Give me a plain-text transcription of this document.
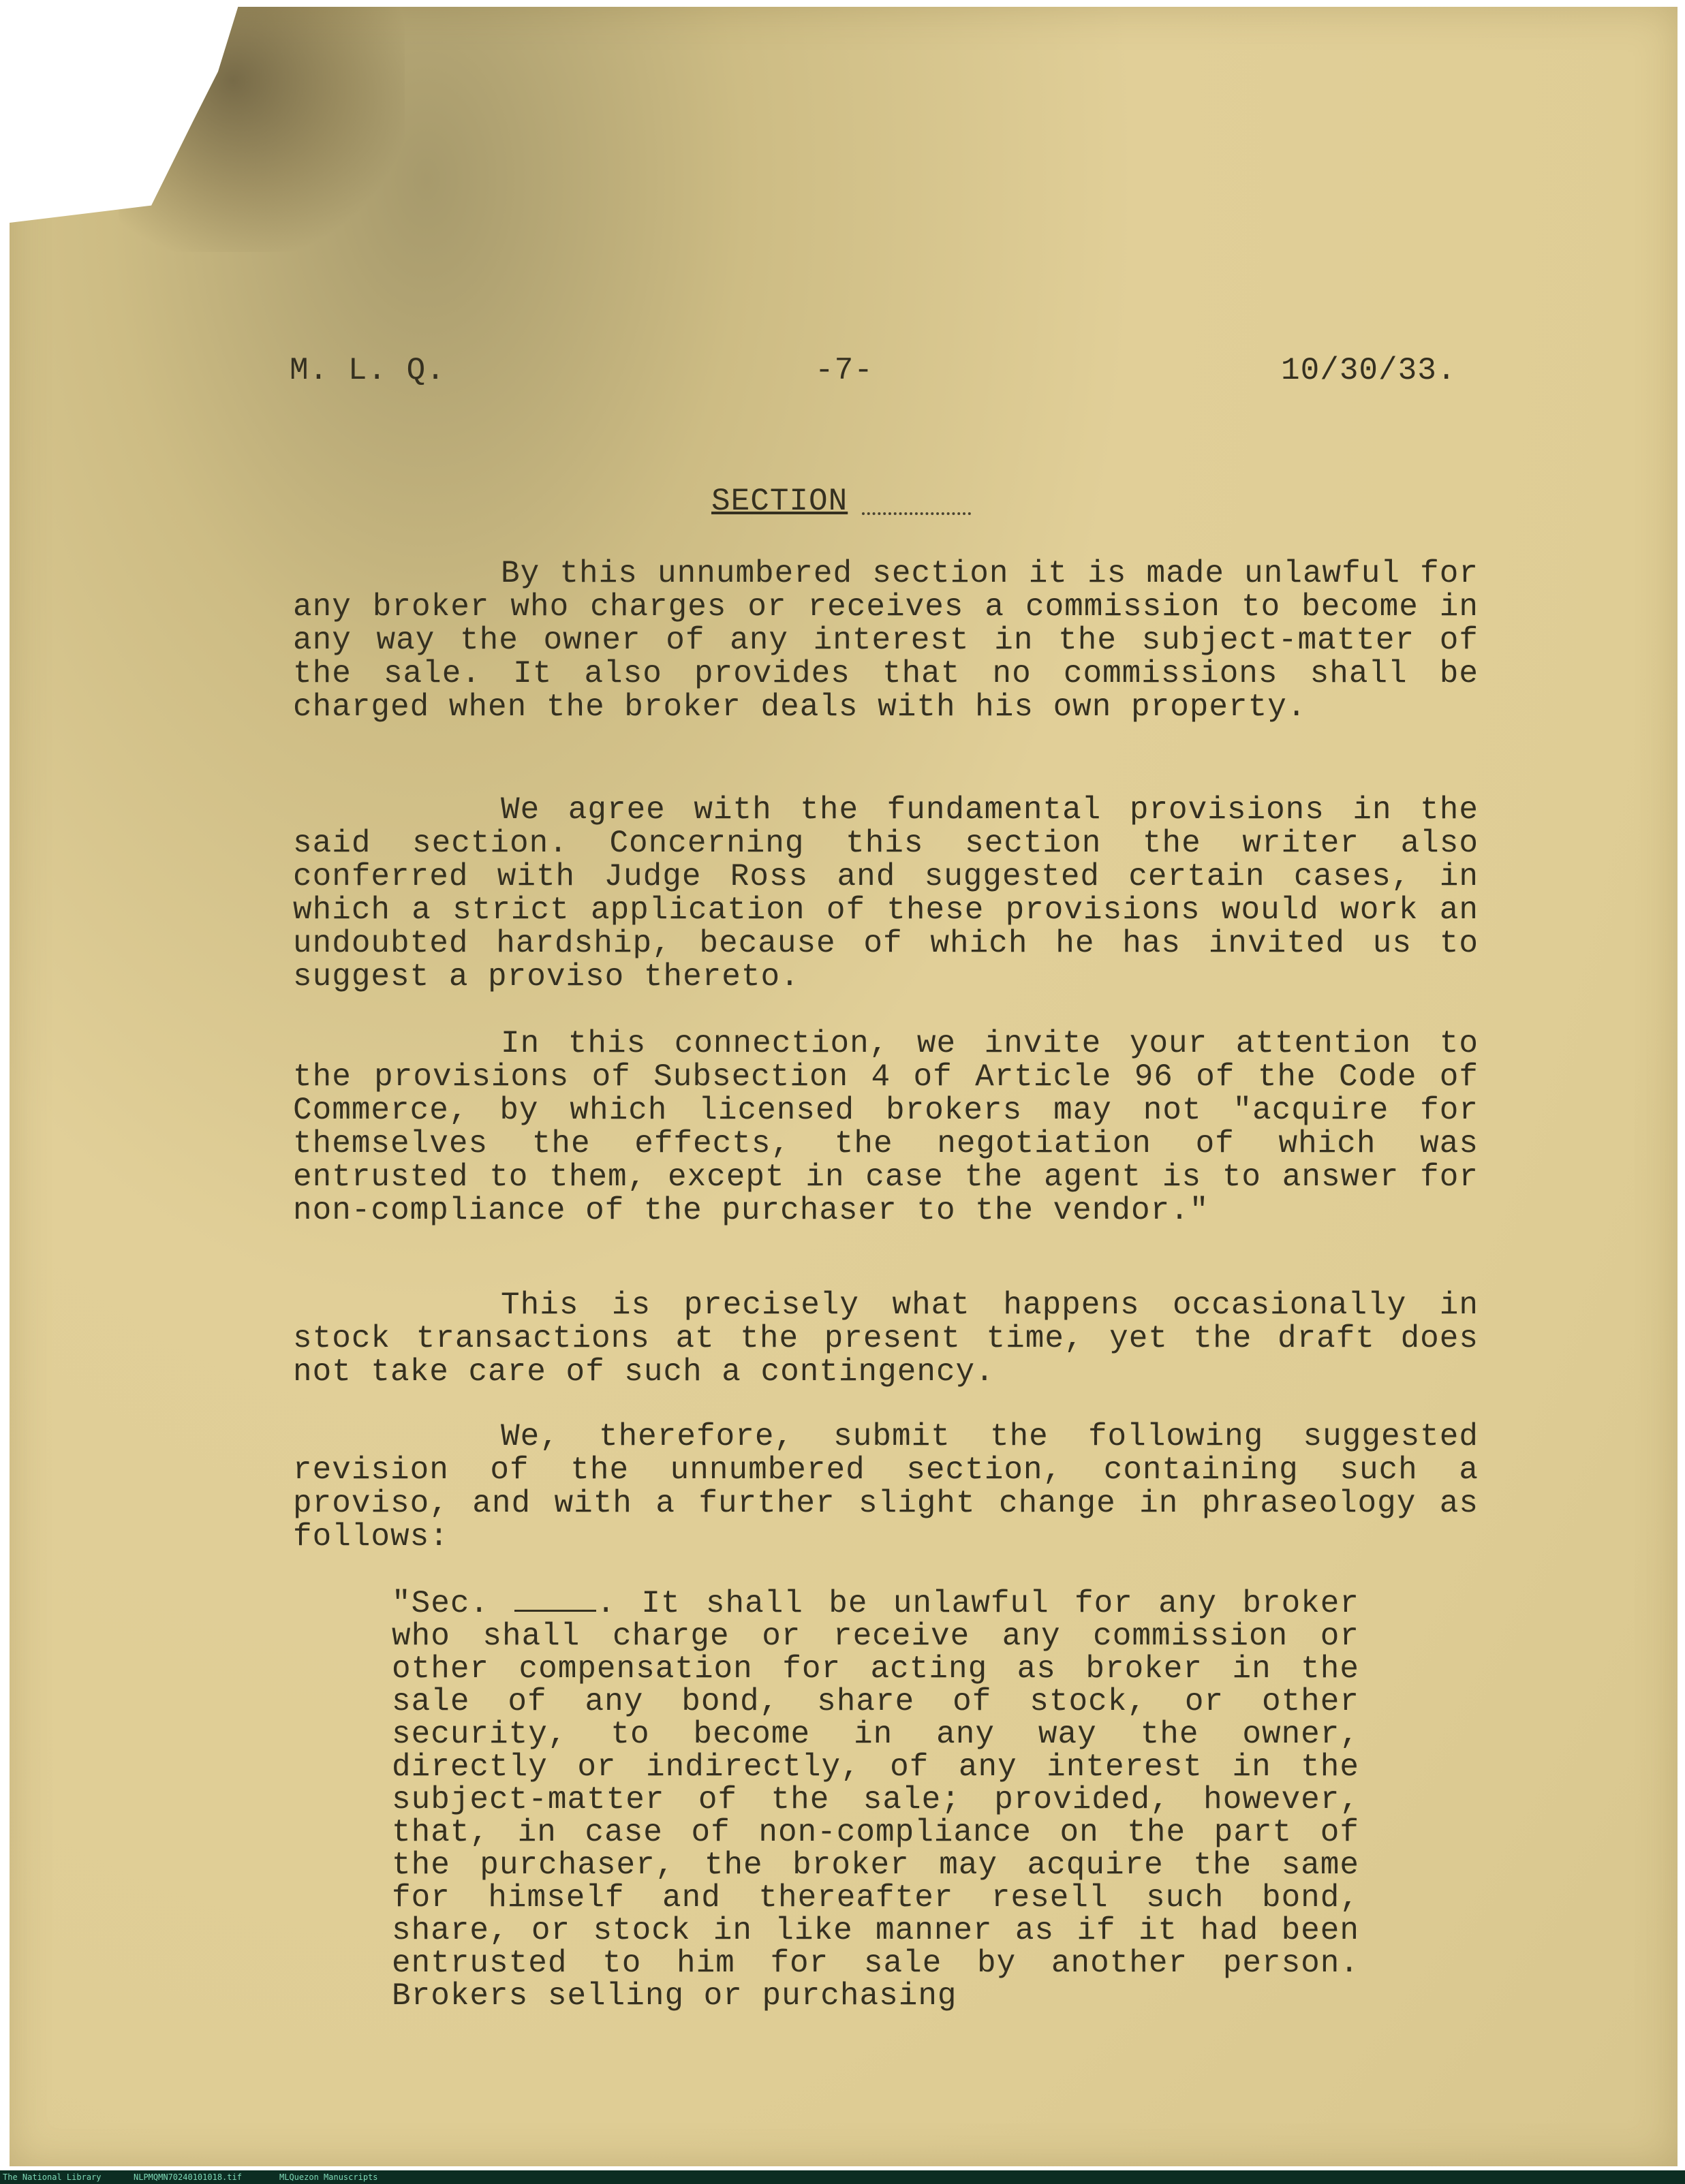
M. L. Q.	-7-	10/30/33.
SECTION
By this unnumbered section it is made unlawful for any broker who charges or receives a commission to become in any way the owner of any interest in the subject-matter of the sale. It also provides that no commissions shall be charged when the broker deals with his own property.
We agree with the fundamental provisions in the said section. Concerning this section the writer also conferred with Judge Ross and suggested certain cases, in which a strict application of these provisions would work an undoubted hardship, because of which he has invited us to suggest a proviso thereto.
In this connection, we invite your attention to the provisions of Subsection 4 of Article 96 of the Code of Commerce, by which licensed brokers may not "acquire for themselves the effects, the negotiation of which was entrusted to them, except in case the agent is to answer for non-compliance of the purchaser to the vendor."
This is precisely what happens occasionally in stock transactions at the present time, yet the draft does not take care of such a contingency.
We, therefore, submit the following suggested revision of the unnumbered section, containing such a proviso, and with a further slight change in phraseology as follows:
"Sec.	. It shall be unlawful for any broker who shall charge or receive any commission or other compensation for acting as broker in the sale of any bond, share of stock, or other security, to become in any way the owner, directly or indirectly, of any interest in the subject-matter of the sale; provided, however, that, in case of non-compliance on the part of the purchaser, the broker may acquire the same for himself and thereafter resell such bond, share, or stock in like manner as if it had been entrusted to him for sale by another person. Brokers selling or purchasing
The National Library	NLPMQMN70240101018.tif	MLQuezon Manuscripts
